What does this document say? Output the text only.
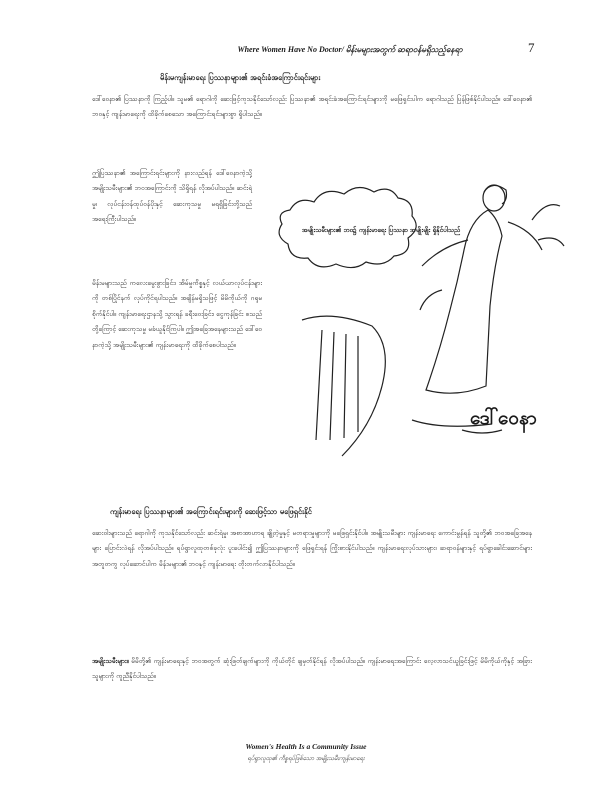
Where Women Have No Doctor/ မိန်းမများအတွက် ဆရာဝန်မရှိသည့်နေရာ	7
မိန်းမကျန်းမာရေး ပြဿနာများ၏ အရင်းခံအကြောင်းရင်းများ

ဒေါ်ဝေနာ၏ ပြဿနာကို ကြည့်ပါ။ သူမ၏ ရောဂါကို ဆေးဖြင့်ကုသနိုင်သော်လည်း ပြဿနာ၏ အရင်းခံအကြောင်းရင်းများကို မဖြေရှင်းပါက ရောဂါသည် ပြန်ဖြစ်နိုင်ပါသည်။ ဒေါ်ဝေနာ၏ ဘဝနှင့် ကျန်းမာရေးကို ထိခိုက်စေသော အကြောင်းရင်းများစွာ ရှိပါသည်။

ဤပြဿနာ၏ အကြောင်းရင်းများကို နားလည်ရန် ဒေါ်ဝေနာကဲ့သို့ အမျိုးသမီးများ၏ ဘဝအကြောင်းကို သိရှိရန် လိုအပ်ပါသည်။ ဆင်းရဲမှု၊ လုပ်ငန်းဝန်ထုပ်ဝန်ပိုးနှင့် ဆေးကုသမှု မရရှိခြင်းတို့သည် အရေးကြီးပါသည်။

မိန်းမများသည် ကလေးမွေးဖွားခြင်း၊ အိမ်မှုကိစ္စနှင့် လယ်ယာလုပ်ငန်းများကို တစ်ပြိုင်နက် လုပ်ကိုင်ရပါသည်။ အချိန်မရှိသဖြင့် မိမိကိုယ်ကို ဂရုမစိုက်နိုင်ပါ။ ကျန်းမာရေးဌာနသို့ သွားရန် ခရီးဝေးခြင်း၊ ငွေကုန်ခြင်း စသည်တို့ကြောင့် ဆေးကုသမှု မခံယူနိုင်ကြပါ။ ဤအခြေအနေများသည် ဒေါ်ဝေနာကဲ့သို့ အမျိုးသမီးများ၏ ကျန်းမာရေးကို ထိခိုက်စေပါသည်။

အမျိုးသမီးများ၏ ဘဝ၌ ကျန်းမာရေး ပြဿနာ အမျိုးမျိုး ရှိနိုင်ပါသည်
ဒေါ်ဝေနာ
ကျန်းမာရေး ပြဿနာများ၏ အကြောင်းရင်းများကို ဆေးဖြင့်သာ မဖြေရှင်းနိုင်

ဆေးဝါးများသည် ရောဂါကို ကုသနိုင်သော်လည်း ဆင်းရဲမှု၊ အစာအာဟာရ ချို့တဲ့မှုနှင့် မတရားမှုများကို မဖြေရှင်းနိုင်ပါ။ အမျိုးသမီးများ ကျန်းမာရေး ကောင်းမွန်ရန် သူတို့၏ ဘဝအခြေအနေများ ပြောင်းလဲရန် လိုအပ်ပါသည်။ ရပ်ရွာလူထုတစ်ခုလုံး ပူးပေါင်း၍ ဤပြဿနာများကို ဖြေရှင်းရန် ကြိုးစားနိုင်ပါသည်။ ကျန်းမာရေးလုပ်သားများ၊ ဆရာဝန်များနှင့် ရပ်ရွာခေါင်းဆောင်များ အတူတကွ လုပ်ဆောင်ပါက မိန်းမများ၏ ဘဝနှင့် ကျန်းမာရေး တိုးတက်လာနိုင်ပါသည်။

အမျိုးသမီးများ။ မိမိတို့၏ ကျန်းမာရေးနှင့် ဘဝအတွက် ဆုံးဖြတ်ချက်များကို ကိုယ်တိုင် ချမှတ်နိုင်ရန် လိုအပ်ပါသည်။ ကျန်းမာရေးအကြောင်း လေ့လာသင်ယူခြင်းဖြင့် မိမိကိုယ်ကိုနှင့် အခြားသူများကို ကူညီနိုင်ပါသည်။

Women's Health Is a Community Issue
ရပ်ရွာလူထု၏ ကိစ္စရပ်ဖြစ်သော အမျိုးသမီးကျန်းမာရေး
